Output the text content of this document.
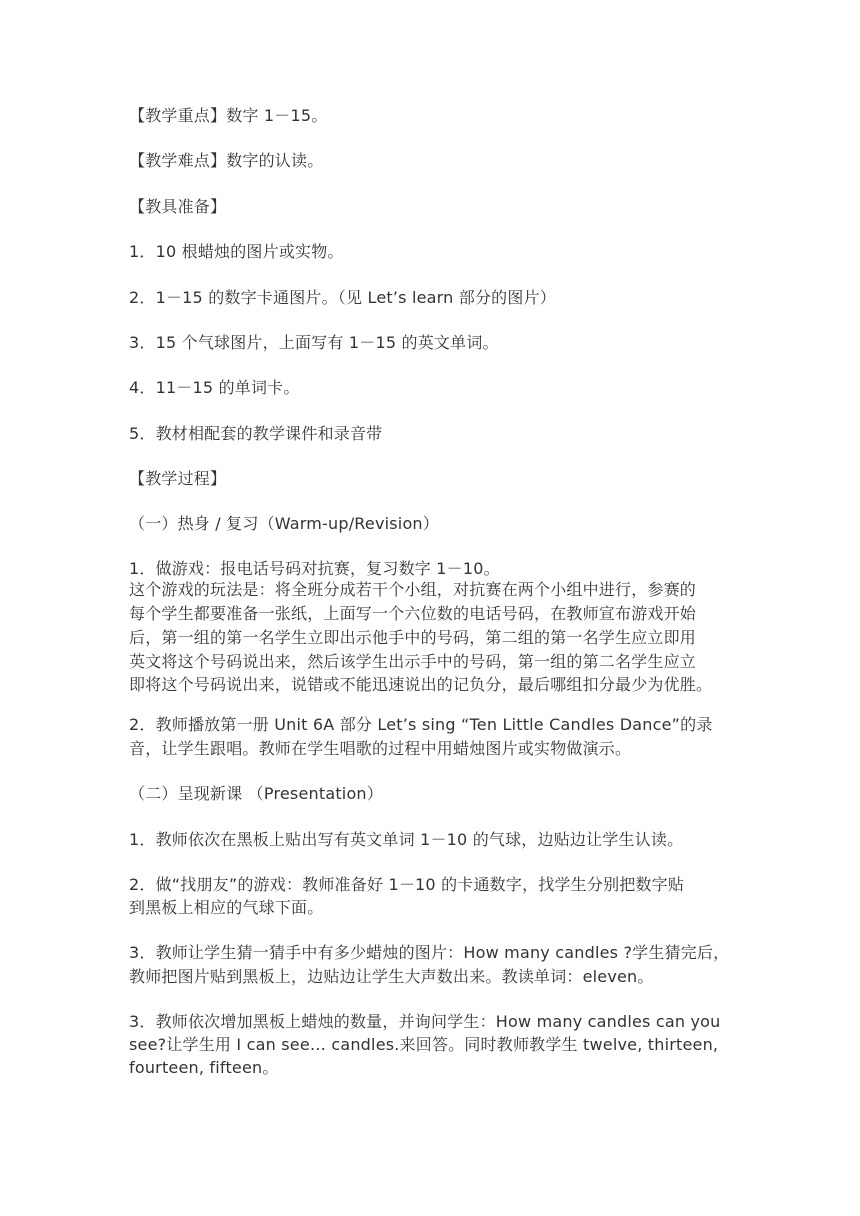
【教学重点】数字 1－15。
【教学难点】数字的认读。
【教具准备】
1．10 根蜡烛的图片或实物。
2．1－15 的数字卡通图片。（见 Let’s learn 部分的图片）
3．15 个气球图片，上面写有 1－15 的英文单词。
4．11－15 的单词卡。
5．教材相配套的教学课件和录音带
【教学过程】
（一）热身 / 复习（Warm-up/Revision）
1．做游戏：报电话号码对抗赛，复习数字 1－10。
这个游戏的玩法是：将全班分成若干个小组，对抗赛在两个小组中进行，参赛的
每个学生都要准备一张纸，上面写一个六位数的电话号码，在教师宣布游戏开始
后，第一组的第一名学生立即出示他手中的号码，第二组的第一名学生应立即用
英文将这个号码说出来，然后该学生出示手中的号码，第一组的第二名学生应立
即将这个号码说出来，说错或不能迅速说出的记负分，最后哪组扣分最少为优胜。
2．教师播放第一册 Unit 6A 部分 Let’s sing “Ten Little Candles Dance”的录
音，让学生跟唱。教师在学生唱歌的过程中用蜡烛图片或实物做演示。
（二）呈现新课 （Presentation）
1．教师依次在黑板上贴出写有英文单词 1－10 的气球，边贴边让学生认读。
2．做“找朋友”的游戏：教师准备好 1－10 的卡通数字，找学生分别把数字贴
到黑板上相应的气球下面。
3．教师让学生猜一猜手中有多少蜡烛的图片：How many candles ?学生猜完后，
教师把图片贴到黑板上，边贴边让学生大声数出来。教读单词：eleven。
3．教师依次增加黑板上蜡烛的数量，并询问学生：How many candles can you
see?让学生用 I can see… candles.来回答。同时教师教学生 twelve, thirteen,
fourteen, fifteen。
